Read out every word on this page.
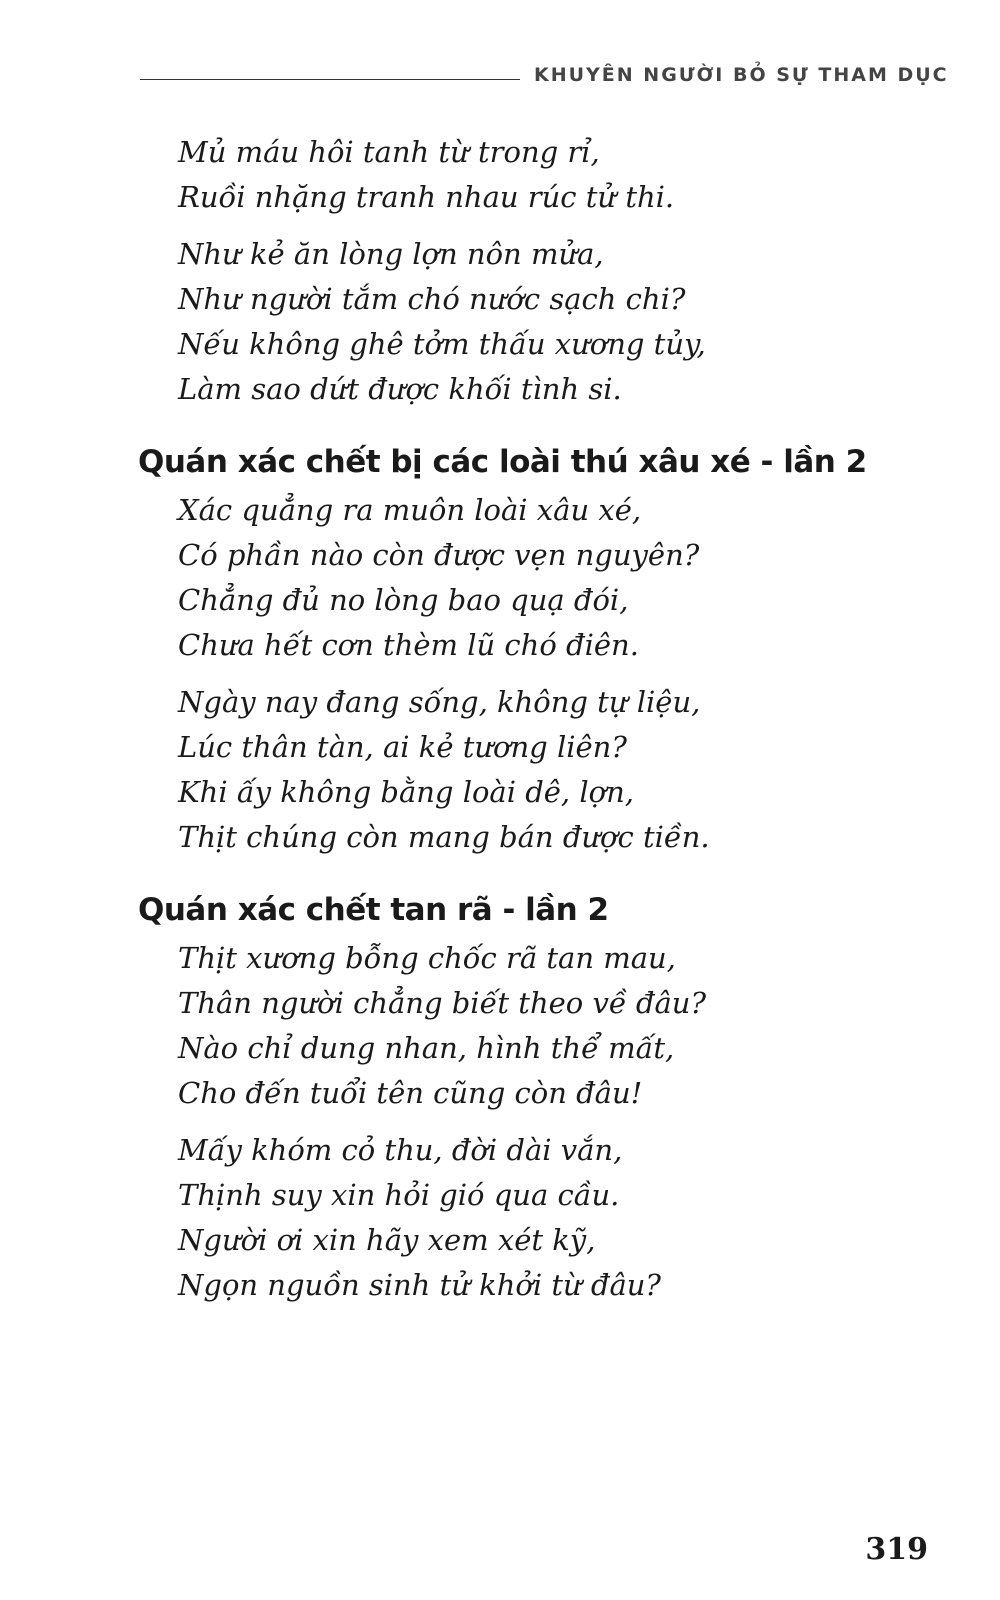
KHUYÊN NGƯỜI BỎ SỰ THAM DỤC
Mủ máu hôi tanh từ trong rỉ,
Ruồi nhặng tranh nhau rúc tử thi.
Như kẻ ăn lòng lợn nôn mửa,
Như người tắm chó nước sạch chi?
Nếu không ghê tởm thấu xương tủy,
Làm sao dứt được khối tình si.
Quán xác chết bị các loài thú xâu xé - lần 2
Xác quẳng ra muôn loài xâu xé,
Có phần nào còn được vẹn nguyên?
Chẳng đủ no lòng bao quạ đói,
Chưa hết cơn thèm lũ chó điên.
Ngày nay đang sống, không tự liệu,
Lúc thân tàn, ai kẻ tương liên?
Khi ấy không bằng loài dê, lợn,
Thịt chúng còn mang bán được tiền.
Quán xác chết tan rã - lần 2
Thịt xương bỗng chốc rã tan mau,
Thân người chẳng biết theo về đâu?
Nào chỉ dung nhan, hình thể mất,
Cho đến tuổi tên cũng còn đâu!
Mấy khóm cỏ thu, đời dài vắn,
Thịnh suy xin hỏi gió qua cầu.
Người ơi xin hãy xem xét kỹ,
Ngọn nguồn sinh tử khởi từ đâu?
319
